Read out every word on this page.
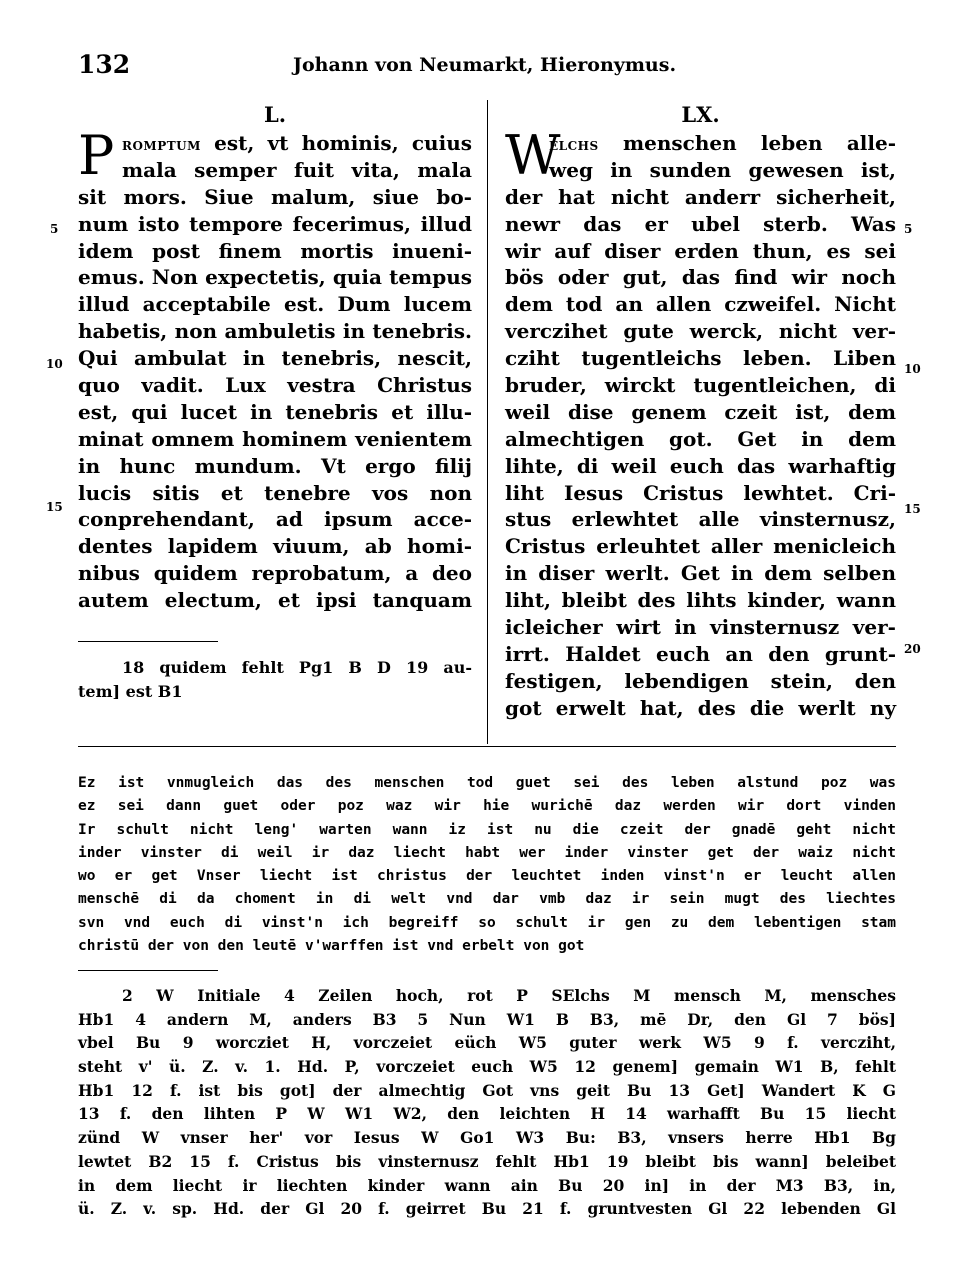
132	Johann von Neumarkt, Hieronymus.
L.
P romptum est, vt hominis, cuius
mala semper fuit vita, mala
sit mors. Siue malum, siue bo-
num isto tempore fecerimus, illud
idem post finem mortis inueni-
emus. Non expectetis, quia tempus
illud acceptabile est. Dum lucem
habetis, non ambuletis in tenebris.
Qui ambulat in tenebris, nescit,
quo vadit. Lux vestra Christus
est, qui lucet in tenebris et illu-
minat omnem hominem venientem
in hunc mundum. Vt ergo filij
lucis sitis et tenebre vos non
conprehendant, ad ipsum acce-
dentes lapidem viuum, ab homi-
nibus quidem reprobatum, a deo
autem electum, et ipsi tanquam
5
10
15
18 quidem fehlt Pg1 B D 19 au-
tem] est B1
LX.
W
elchs menschen leben alle-
weg in sunden gewesen ist,
der hat nicht anderr sicherheit,
newr das er ubel sterb. Was
wir auf diser erden thun, es sei
bös oder gut, das find wir noch
dem tod an allen czweifel. Nicht
verczihet gute werck, nicht ver-
cziht tugentleichs leben. Liben
bruder, wirckt tugentleichen, di
weil dise genem czeit ist, dem
almechtigen got. Get in dem
lihte, di weil euch das warhaftig
liht Iesus Cristus lewhtet. Cri-
stus erlewhtet alle vinsternusz,
Cristus erleuhtet aller menicleich
in diser werlt. Get in dem selben
liht, bleibt des lihts kinder, wann
icleicher wirt in vinsternusz ver-
irrt. Haldet euch an den grunt-
festigen, lebendigen stein, den
got erwelt hat, des die werlt ny
5
10
15
20
Ez ist vnmugleich das des menschen tod guet sei des leben alstund poz was
ez sei dann guet oder poz waz wir hie wurichē daz werden wir dort vinden
Ir schult nicht leng' warten wann iz ist nu die czeit der gnadē geht nicht
inder vinster di weil ir daz liecht habt wer inder vinster get der waiz nicht
wo er get Vnser liecht ist christus der leuchtet inden vinst'n er leucht allen
menschē di da choment in di welt vnd dar vmb daz ir sein mugt des liechtes
svn vnd euch di vinst'n ich begreiff so schult ir gen zu dem lebentigen stam
christū der von den leutē v'warffen ist vnd erbelt von got
2 W Initiale 4 Zeilen hoch, rot P SElchs M mensch M, mensches
Hb1 4 andern M, anders B3 5 Nun W1 B B3, mē Dr, den Gl 7 bös]
vbel Bu 9 worcziet H, vorczeiet eüch W5 guter werk W5 9 f. vercziht,
steht v' ü. Z. v. 1. Hd. P, vorczeiet euch W5 12 genem] gemain W1 B, fehlt
Hb1 12 f. ist bis got] der almechtig Got vns geit Bu 13 Get] Wandert K G
13 f. den lihten P W W1 W2, den leichten H 14 warhafft Bu 15 liecht
zünd W vnser her' vor Iesus W Go1 W3 Bu: B3, vnsers herre Hb1 Bg
lewtet B2 15 f. Cristus bis vinsternusz fehlt Hb1 19 bleibt bis wann] beleibet
in dem liecht ir liechten kinder wann ain Bu 20 in] in der M3 B3, in,
ü. Z. v. sp. Hd. der Gl 20 f. geirret Bu 21 f. gruntvesten Gl 22 lebenden Gl
